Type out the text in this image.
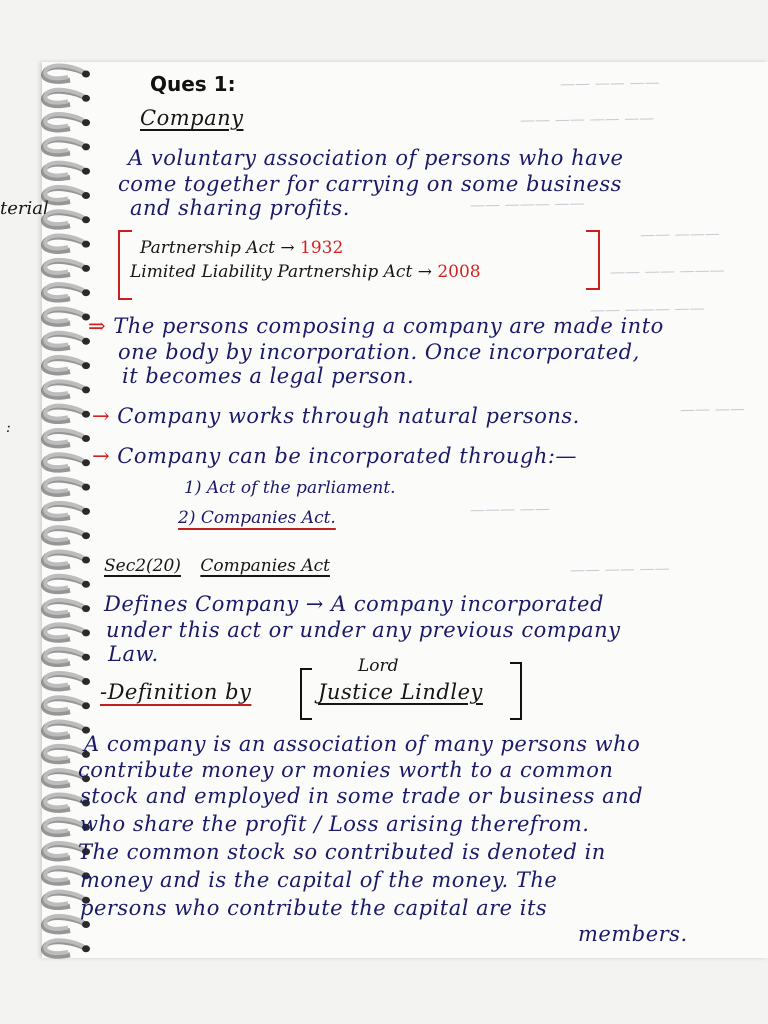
—— —— ——
—— —— —— ——
—— ——— ——
—— ———
—— —— ———
—— ——— ——
—— ——
——— ——
—— —— ——
terial
:
Ques 1:
Company
A voluntary association of persons who have
come together for carrying on some business
and sharing profits.
Partnership Act → 1932
Limited Liability Partnership Act → 2008
⇒ The persons composing a company are made into
one body by incorporation. Once incorporated,
it becomes a legal person.
→ Company works through natural persons.
→ Company can be incorporated through:—
1) Act of the parliament.
2) Companies Act.
Sec2(20) Companies Act
Defines Company → A company incorporated
under this act or under any previous company
Law.	Lord
-Definition by	Justice Lindley
A company is an association of many persons who
contribute money or monies worth to a common
stock and employed in some trade or business and
who share the profit / Loss arising therefrom.
The common stock so contributed is denoted in
money and is the capital of the money. The
persons who contribute the capital are its
members.
